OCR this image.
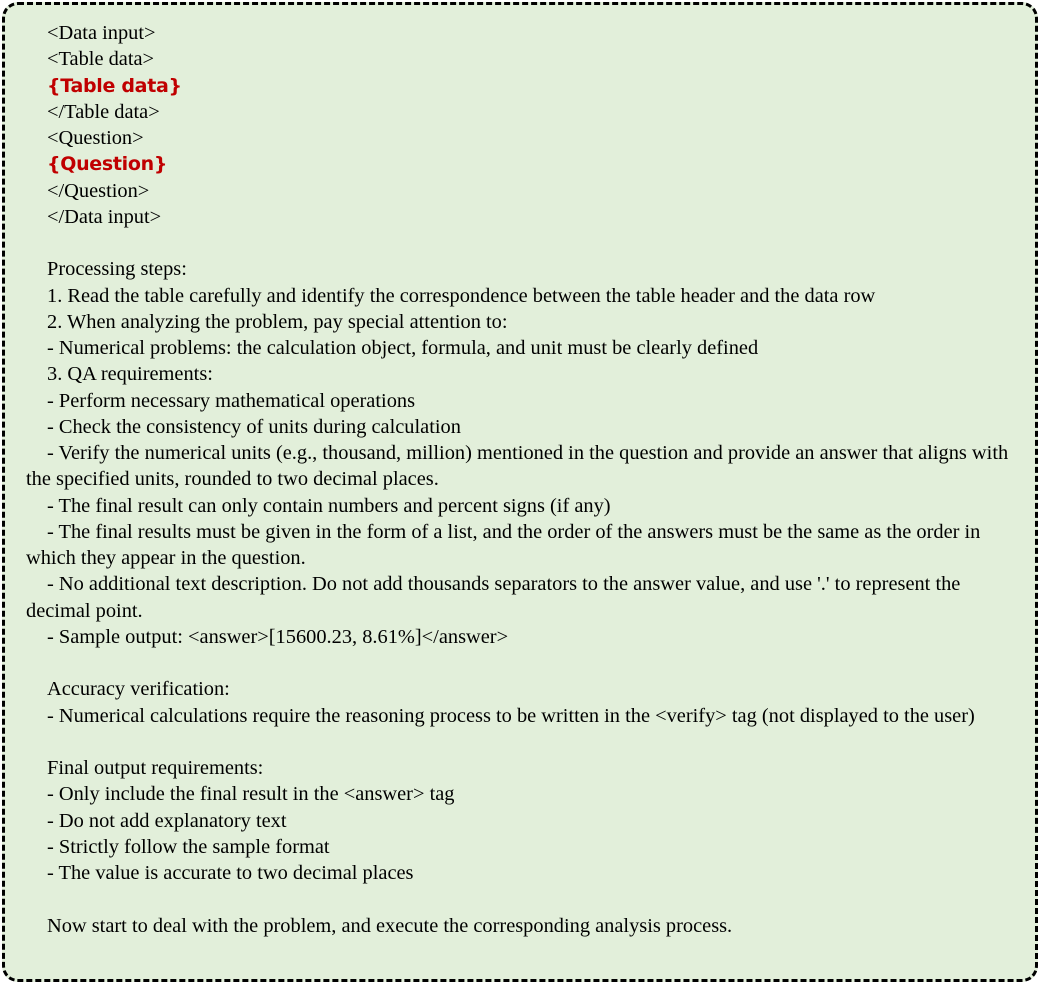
<Data input>
<Table data>
{Table data}
</Table data>
<Question>
{Question}
</Question>
</Data input>
Processing steps:
1. Read the table carefully and identify the correspondence between the table header and the data row
2. When analyzing the problem, pay special attention to:
- Numerical problems: the calculation object, formula, and unit must be clearly defined
3. QA requirements:
- Perform necessary mathematical operations
- Check the consistency of units during calculation
- Verify the numerical units (e.g., thousand, million) mentioned in the question and provide an answer that aligns with the specified units, rounded to two decimal places.
- The final result can only contain numbers and percent signs (if any)
- The final results must be given in the form of a list, and the order of the answers must be the same as the order in which they appear in the question.
- No additional text description. Do not add thousands separators to the answer value, and use '.' to represent the decimal point.
- Sample output: <answer>[15600.23, 8.61%]</answer>
Accuracy verification:
- Numerical calculations require the reasoning process to be written in the <verify> tag (not displayed to the user)
Final output requirements:
- Only include the final result in the <answer> tag
- Do not add explanatory text
- Strictly follow the sample format
- The value is accurate to two decimal places
Now start to deal with the problem, and execute the corresponding analysis process.
